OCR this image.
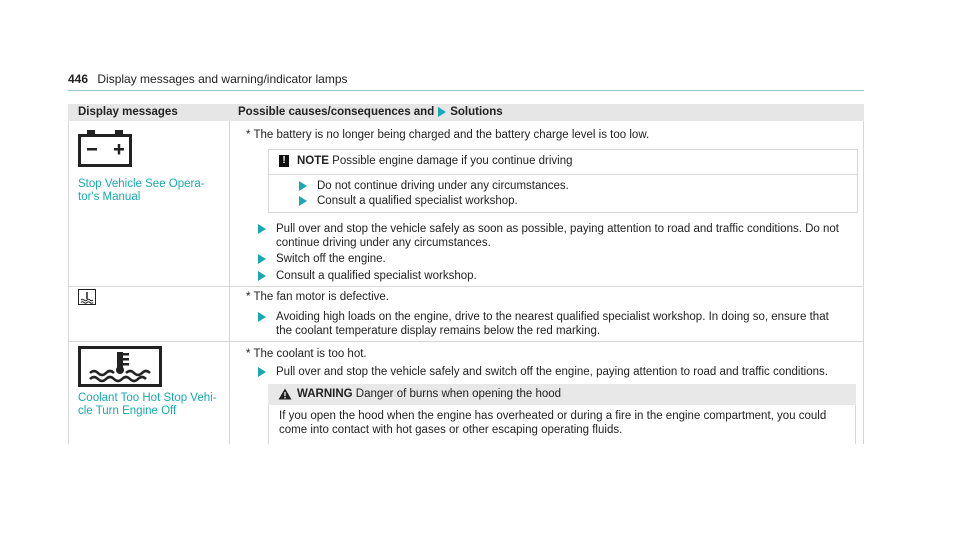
446 Display messages and warning/indicator lamps
Display messages	Possible causes/consequences and Solutions
Stop Vehicle See Opera-
tor's Manual
* The battery is no longer being charged and the battery charge level is too low.
! NOTE
Possible engine damage if you continue driving
Do not continue driving under any circumstances.
Consult a qualified specialist workshop.
Pull over and stop the vehicle safely as soon as possible, paying attention to road and traffic conditions. Do not
continue driving under any circumstances.
Switch off the engine.
Consult a qualified specialist workshop.
* The fan motor is defective.
Avoiding high loads on the engine, drive to the nearest qualified specialist workshop. In doing so, ensure that
the coolant temperature display remains below the red marking.
Coolant Too Hot Stop Vehi-
cle Turn Engine Off
* The coolant is too hot.
Pull over and stop the vehicle safely and switch off the engine, paying attention to road and traffic conditions.
WARNING
Danger of burns when opening the hood
If you open the hood when the engine has overheated or during a fire in the engine compartment, you could
come into contact with hot gases or other escaping operating fluids.
